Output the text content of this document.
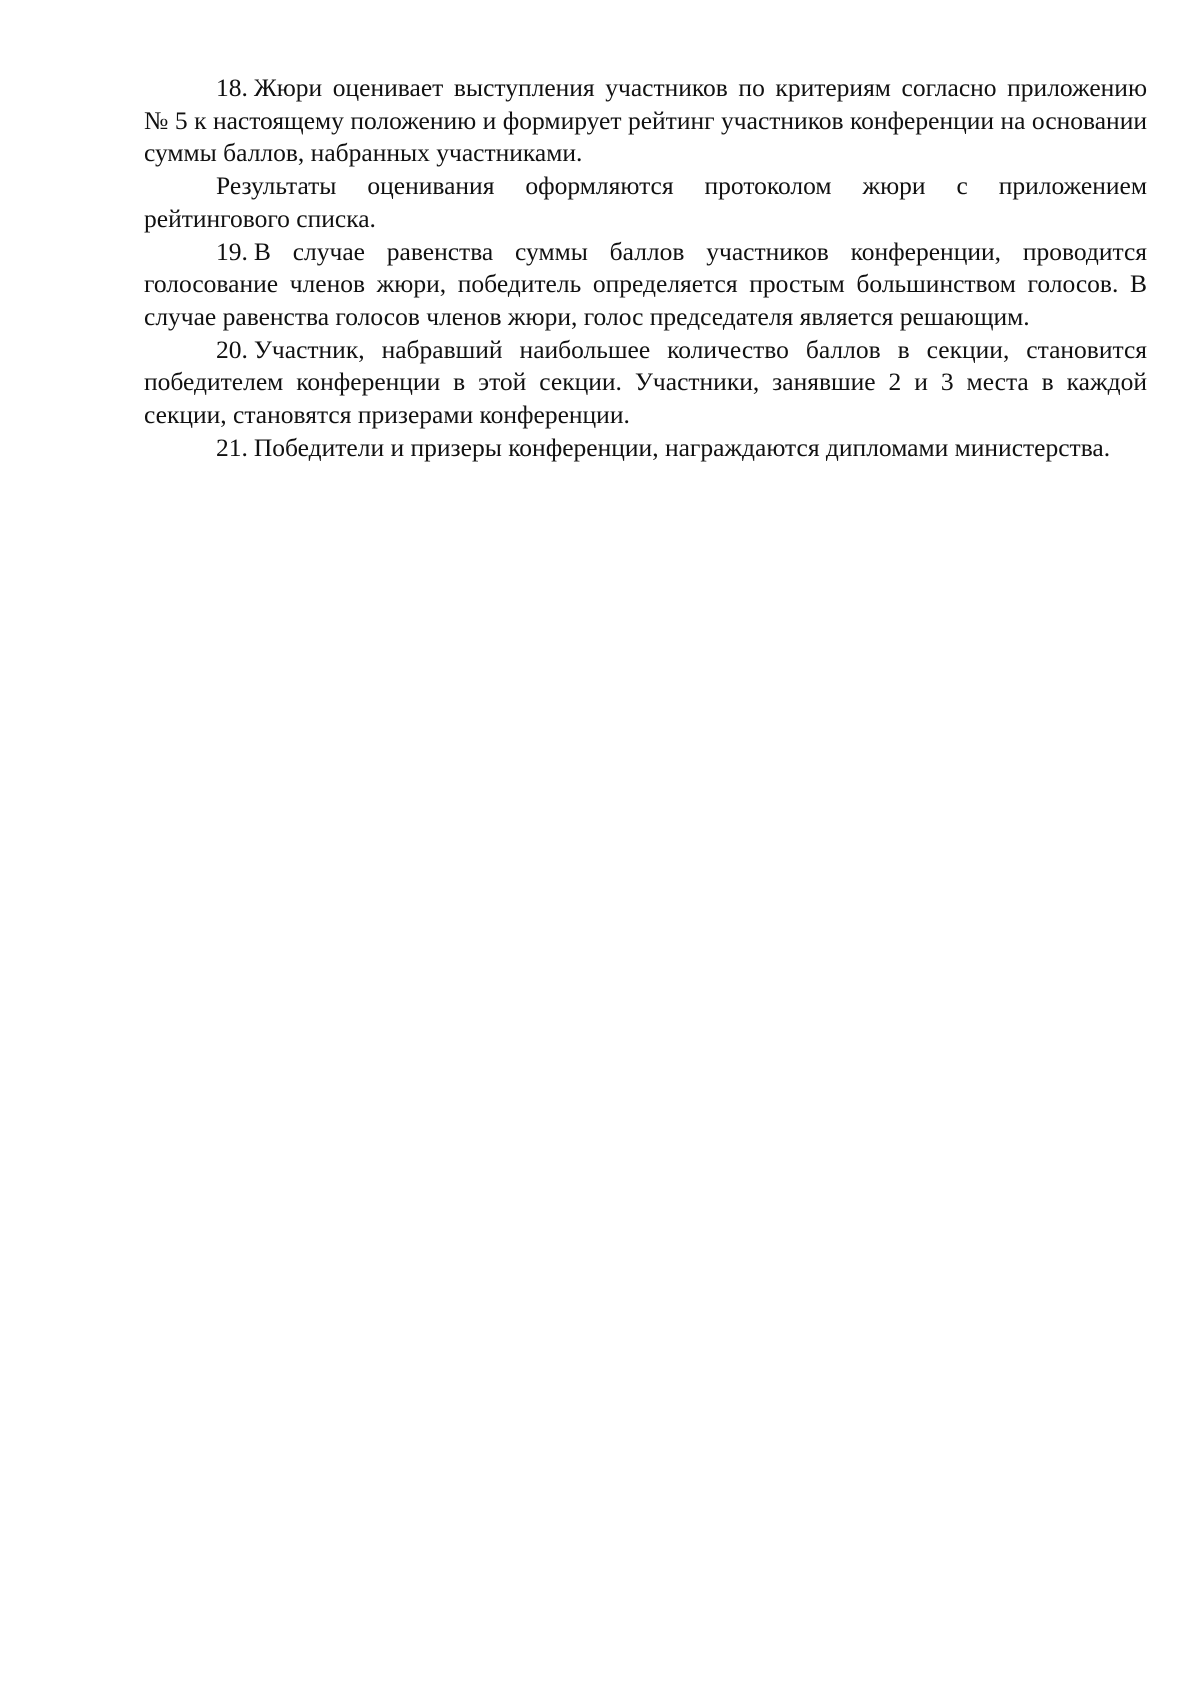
18. Жюри оценивает выступления участников по критериям согласно приложению № 5 к настоящему положению и формирует рейтинг участников конференции на основании суммы баллов, набранных участниками.

Результаты оценивания оформляются протоколом жюри с приложением рейтингового списка.

19. В случае равенства суммы баллов участников конференции, проводится голосование членов жюри, победитель определяется простым большинством голосов. В случае равенства голосов членов жюри, голос председателя является решающим.

20. Участник, набравший наибольшее количество баллов в секции, становится победителем конференции в этой секции. Участники, занявшие 2 и 3 места в каждой секции, становятся призерами конференции.

21. Победители и призеры конференции, награждаются дипломами министерства.
